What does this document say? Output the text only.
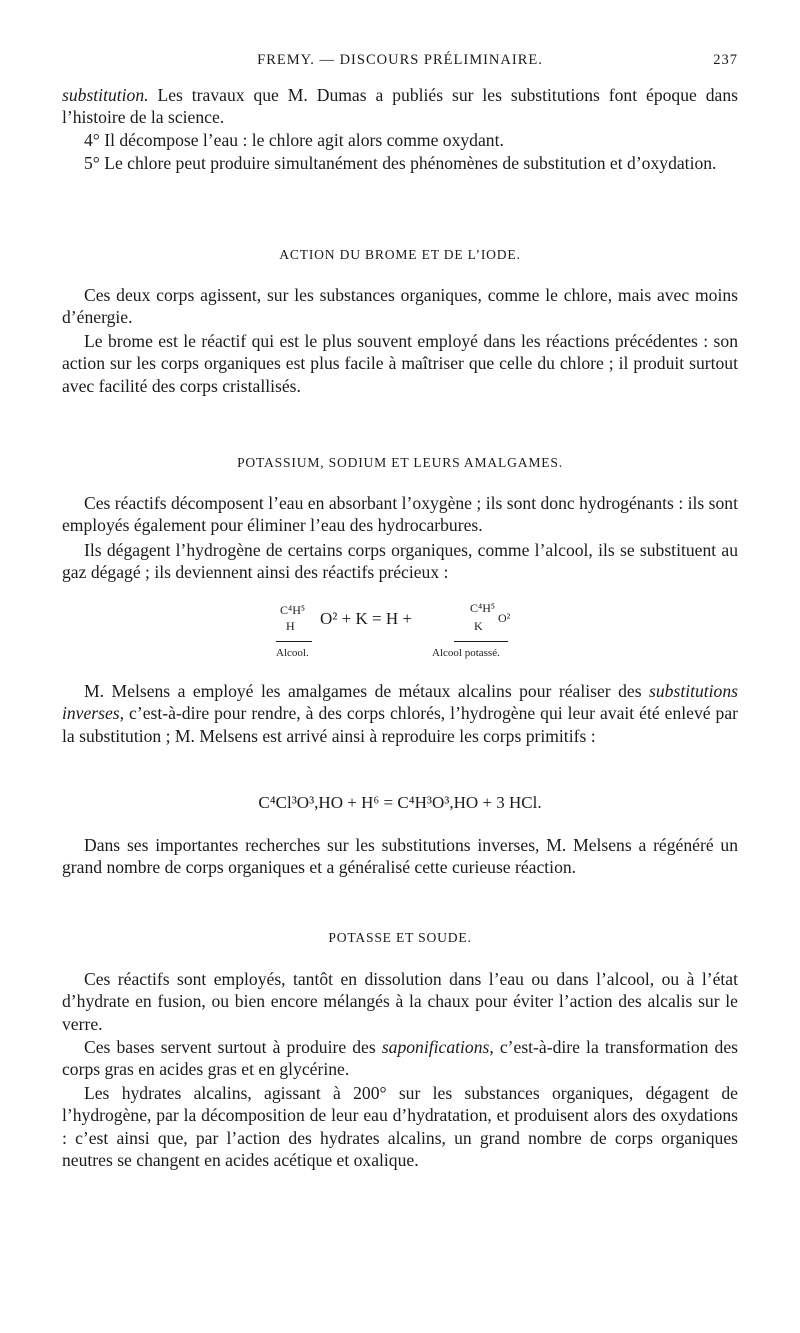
FREMY. — DISCOURS PRÉLIMINAIRE.	237

substitution. Les travaux que M. Dumas a publiés sur les substitutions font époque dans l’histoire de la science.

4° Il décompose l’eau : le chlore agit alors comme oxydant.

5° Le chlore peut produire simultanément des phénomènes de substitution et d’oxydation.

ACTION DU BROME ET DE L’IODE.

Ces deux corps agissent, sur les substances organiques, comme le chlore, mais avec moins d’énergie.

Le brome est le réactif qui est le plus souvent employé dans les réactions précédentes : son action sur les corps organiques est plus facile à maîtriser que celle du chlore ; il produit surtout avec facilité des corps cristallisés.

POTASSIUM, SODIUM ET LEURS AMALGAMES.

Ces réactifs décomposent l’eau en absorbant l’oxygène ; ils sont donc hydrogénants : ils sont employés également pour éliminer l’eau des hydrocarbures.

Ils dégagent l’hydrogène de certains corps organiques, comme l’alcool, ils se substituent au gaz dégagé ; ils deviennent ainsi des réactifs précieux :

C⁴H⁵
H O² + K = H +
C⁴H⁵
K
O²
Alcool.	Alcool potassé.

M. Melsens a employé les amalgames de métaux alcalins pour réaliser des substitutions inverses, c’est-à-dire pour rendre, à des corps chlorés, l’hydrogène qui leur avait été enlevé par la substitution ; M. Melsens est arrivé ainsi à reproduire les corps primitifs :

C⁴Cl³O³,HO + H⁶ = C⁴H³O³,HO + 3 HCl.

Dans ses importantes recherches sur les substitutions inverses, M. Melsens a régénéré un grand nombre de corps organiques et a généralisé cette curieuse réaction.

POTASSE ET SOUDE.

Ces réactifs sont employés, tantôt en dissolution dans l’eau ou dans l’alcool, ou à l’état d’hydrate en fusion, ou bien encore mélangés à la chaux pour éviter l’action des alcalis sur le verre.

Ces bases servent surtout à produire des saponifications, c’est-à-dire la transformation des corps gras en acides gras et en glycérine.

Les hydrates alcalins, agissant à 200° sur les substances organiques, dégagent de l’hydrogène, par la décomposition de leur eau d’hydratation, et produisent alors des oxydations : c’est ainsi que, par l’action des hydrates alcalins, un grand nombre de corps organiques neutres se changent en acides acétique et oxalique.
